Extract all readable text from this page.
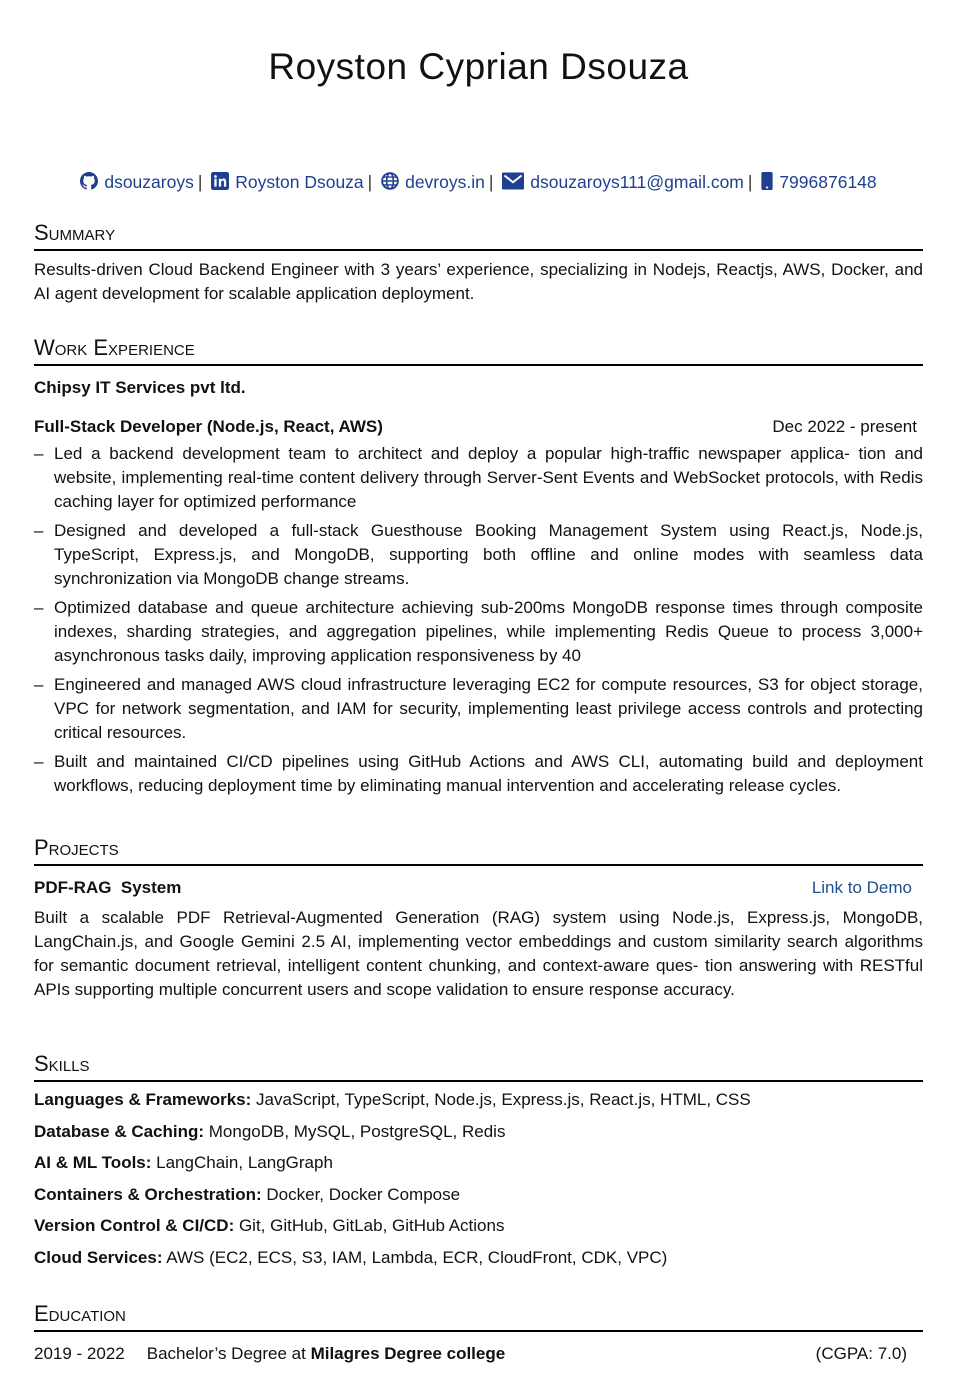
Royston Cyprian Dsouza
dsouzaroys | Royston Dsouza | devroys.in | dsouzaroys111@gmail.com | 7996876148
Summary

Results-driven Cloud Backend Engineer with 3 years’ experience, specializing in Nodejs, Reactjs, AWS, Docker, and AI agent development for scalable application deployment.

Work Experience
Chipsy IT Services pvt ltd.
Full-Stack Developer (Node.js, React, AWS)	Dec 2022 - present
– Led a backend development team to architect and deploy a popular high-traffic newspaper applica- tion and website, implementing real-time content delivery through Server-Sent Events and WebSocket protocols, with Redis caching layer for optimized performance
– Designed and developed a full-stack Guesthouse Booking Management System using React.js, Node.js, TypeScript, Express.js, and MongoDB, supporting both offline and online modes with seamless data synchronization via MongoDB change streams.
– Optimized database and queue architecture achieving sub-200ms MongoDB response times through composite indexes, sharding strategies, and aggregation pipelines, while implementing Redis Queue to process 3,000+ asynchronous tasks daily, improving application responsiveness by 40
– Engineered and managed AWS cloud infrastructure leveraging EC2 for compute resources, S3 for object storage, VPC for network segmentation, and IAM for security, implementing least privilege access controls and protecting critical resources.
– Built and maintained CI/CD pipelines using GitHub Actions and AWS CLI, automating build and deployment workflows, reducing deployment time by eliminating manual intervention and accelerating release cycles.
Projects
PDF-RAG  System	Link to Demo

Built a scalable PDF Retrieval-Augmented Generation (RAG) system using Node.js, Express.js, MongoDB, LangChain.js, and Google Gemini 2.5 AI, implementing vector embeddings and custom similarity search algorithms for semantic document retrieval, intelligent content chunking, and context-aware ques- tion answering with RESTful APIs supporting multiple concurrent users and scope validation to ensure response accuracy.

Skills
Languages & Frameworks: JavaScript, TypeScript, Node.js, Express.js, React.js, HTML, CSS
Database & Caching: MongoDB, MySQL, PostgreSQL, Redis
AI & ML Tools: LangChain, LangGraph
Containers & Orchestration: Docker, Docker Compose
Version Control & CI/CD: Git, GitHub, GitLab, GitHub Actions
Cloud Services: AWS (EC2, ECS, S3, IAM, Lambda, ECR, CloudFront, CDK, VPC)
Education
2019 - 2022 Bachelor’s Degree at Milagres Degree college	(CGPA: 7.0)
